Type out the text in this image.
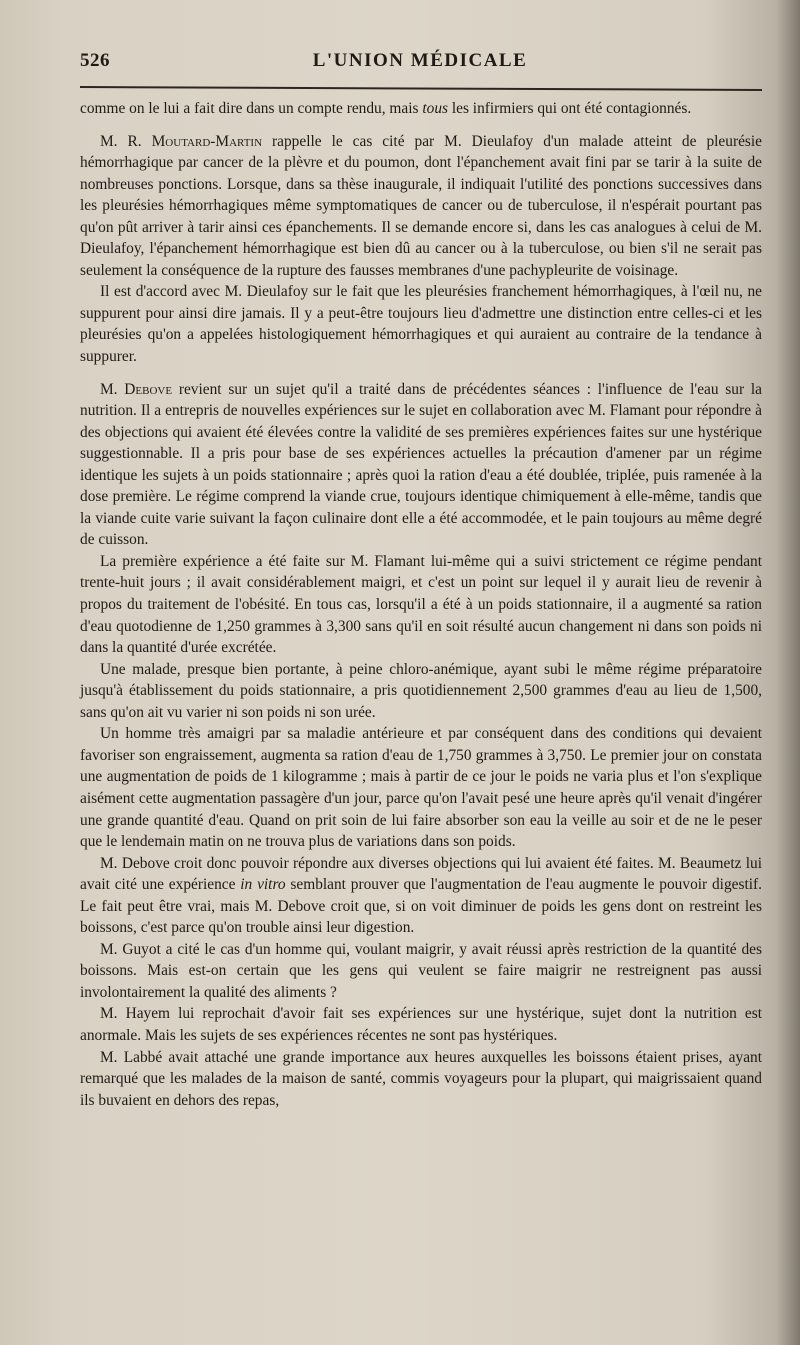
526	L'UNION MÉDICALE

comme on le lui a fait dire dans un compte rendu, mais tous les infirmiers qui ont été contagionnés.

M. R. Moutard-Martin rappelle le cas cité par M. Dieulafoy d'un malade atteint de pleurésie hémorrhagique par cancer de la plèvre et du poumon, dont l'épanchement avait fini par se tarir à la suite de nombreuses ponctions. Lorsque, dans sa thèse inaugurale, il indiquait l'utilité des ponctions successives dans les pleurésies hémorrhagiques même symptomatiques de cancer ou de tuberculose, il n'espérait pourtant pas qu'on pût arriver à tarir ainsi ces épanchements. Il se demande encore si, dans les cas analogues à celui de M. Dieulafoy, l'épanchement hémorrhagique est bien dû au cancer ou à la tuberculose, ou bien s'il ne serait pas seulement la conséquence de la rupture des fausses membranes d'une pachypleurite de voisinage.

Il est d'accord avec M. Dieulafoy sur le fait que les pleurésies franchement hémorrhagiques, à l'œil nu, ne suppurent pour ainsi dire jamais. Il y a peut-être toujours lieu d'admettre une distinction entre celles-ci et les pleurésies qu'on a appelées histologiquement hémorrhagiques et qui auraient au contraire de la tendance à suppurer.

M. Debove revient sur un sujet qu'il a traité dans de précédentes séances : l'influence de l'eau sur la nutrition. Il a entrepris de nouvelles expériences sur le sujet en collaboration avec M. Flamant pour répondre à des objections qui avaient été élevées contre la validité de ses premières expériences faites sur une hystérique suggestionnable. Il a pris pour base de ses expériences actuelles la précaution d'amener par un régime identique les sujets à un poids stationnaire ; après quoi la ration d'eau a été doublée, triplée, puis ramenée à la dose première. Le régime comprend la viande crue, toujours identique chimiquement à elle-même, tandis que la viande cuite varie suivant la façon culinaire dont elle a été accommodée, et le pain toujours au même degré de cuisson.

La première expérience a été faite sur M. Flamant lui-même qui a suivi strictement ce régime pendant trente-huit jours ; il avait considérablement maigri, et c'est un point sur lequel il y aurait lieu de revenir à propos du traitement de l'obésité. En tous cas, lorsqu'il a été à un poids stationnaire, il a augmenté sa ration d'eau quotodienne de 1,250 grammes à 3,300 sans qu'il en soit résulté aucun changement ni dans son poids ni dans la quantité d'urée excrétée.

Une malade, presque bien portante, à peine chloro-anémique, ayant subi le même régime préparatoire jusqu'à établissement du poids stationnaire, a pris quotidiennement 2,500 grammes d'eau au lieu de 1,500, sans qu'on ait vu varier ni son poids ni son urée.

Un homme très amaigri par sa maladie antérieure et par conséquent dans des conditions qui devaient favoriser son engraissement, augmenta sa ration d'eau de 1,750 grammes à 3,750. Le premier jour on constata une augmentation de poids de 1 kilogramme ; mais à partir de ce jour le poids ne varia plus et l'on s'explique aisément cette augmentation passagère d'un jour, parce qu'on l'avait pesé une heure après qu'il venait d'ingérer une grande quantité d'eau. Quand on prit soin de lui faire absorber son eau la veille au soir et de ne le peser que le lendemain matin on ne trouva plus de variations dans son poids.

M. Debove croit donc pouvoir répondre aux diverses objections qui lui avaient été faites. M. Beaumetz lui avait cité une expérience in vitro semblant prouver que l'augmentation de l'eau augmente le pouvoir digestif. Le fait peut être vrai, mais M. Debove croit que, si on voit diminuer de poids les gens dont on restreint les boissons, c'est parce qu'on trouble ainsi leur digestion.

M. Guyot a cité le cas d'un homme qui, voulant maigrir, y avait réussi après restriction de la quantité des boissons. Mais est-on certain que les gens qui veulent se faire maigrir ne restreignent pas aussi involontairement la qualité des aliments ?

M. Hayem lui reprochait d'avoir fait ses expériences sur une hystérique, sujet dont la nutrition est anormale. Mais les sujets de ses expériences récentes ne sont pas hystériques.

M. Labbé avait attaché une grande importance aux heures auxquelles les boissons étaient prises, ayant remarqué que les malades de la maison de santé, commis voyageurs pour la plupart, qui maigrissaient quand ils buvaient en dehors des repas,
